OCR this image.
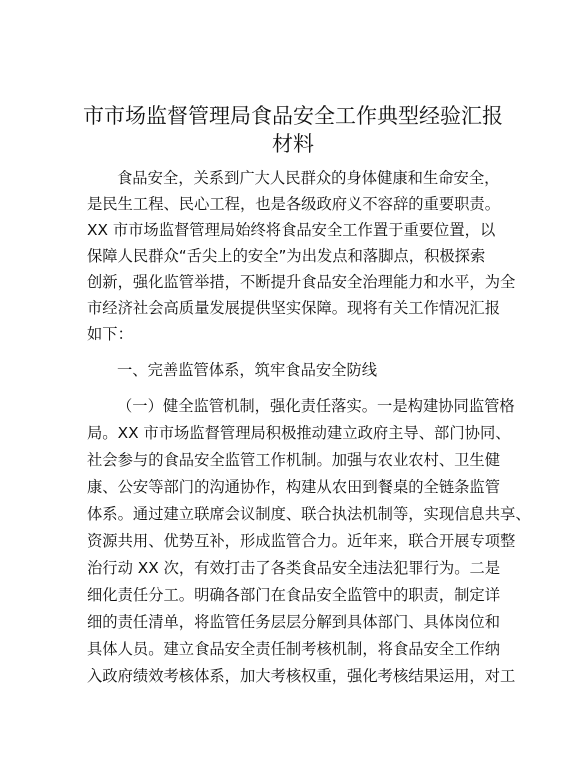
市市场监督管理局食品安全工作典型经验汇报
材料
食品安全，关系到广大人民群众的身体健康和生命安全，
是民生工程、民心工程，也是各级政府义不容辞的重要职责。
XX 市市场监督管理局始终将食品安全工作置于重要位置，以
保障人民群众“舌尖上的安全”为出发点和落脚点，积极探索
创新，强化监管举措，不断提升食品安全治理能力和水平，为全
市经济社会高质量发展提供坚实保障。现将有关工作情况汇报
如下：
一、完善监管体系，筑牢食品安全防线
（一）健全监管机制，强化责任落实。一是构建协同监管格
局。XX 市市场监督管理局积极推动建立政府主导、部门协同、
社会参与的食品安全监管工作机制。加强与农业农村、卫生健
康、公安等部门的沟通协作，构建从农田到餐桌的全链条监管
体系。通过建立联席会议制度、联合执法机制等，实现信息共享、
资源共用、优势互补，形成监管合力。近年来，联合开展专项整
治行动 XX 次，有效打击了各类食品安全违法犯罪行为。二是
细化责任分工。明确各部门在食品安全监管中的职责，制定详
细的责任清单，将监管任务层层分解到具体部门、具体岗位和
具体人员。建立食品安全责任制考核机制，将食品安全工作纳
入政府绩效考核体系，加大考核权重，强化考核结果运用，对工
